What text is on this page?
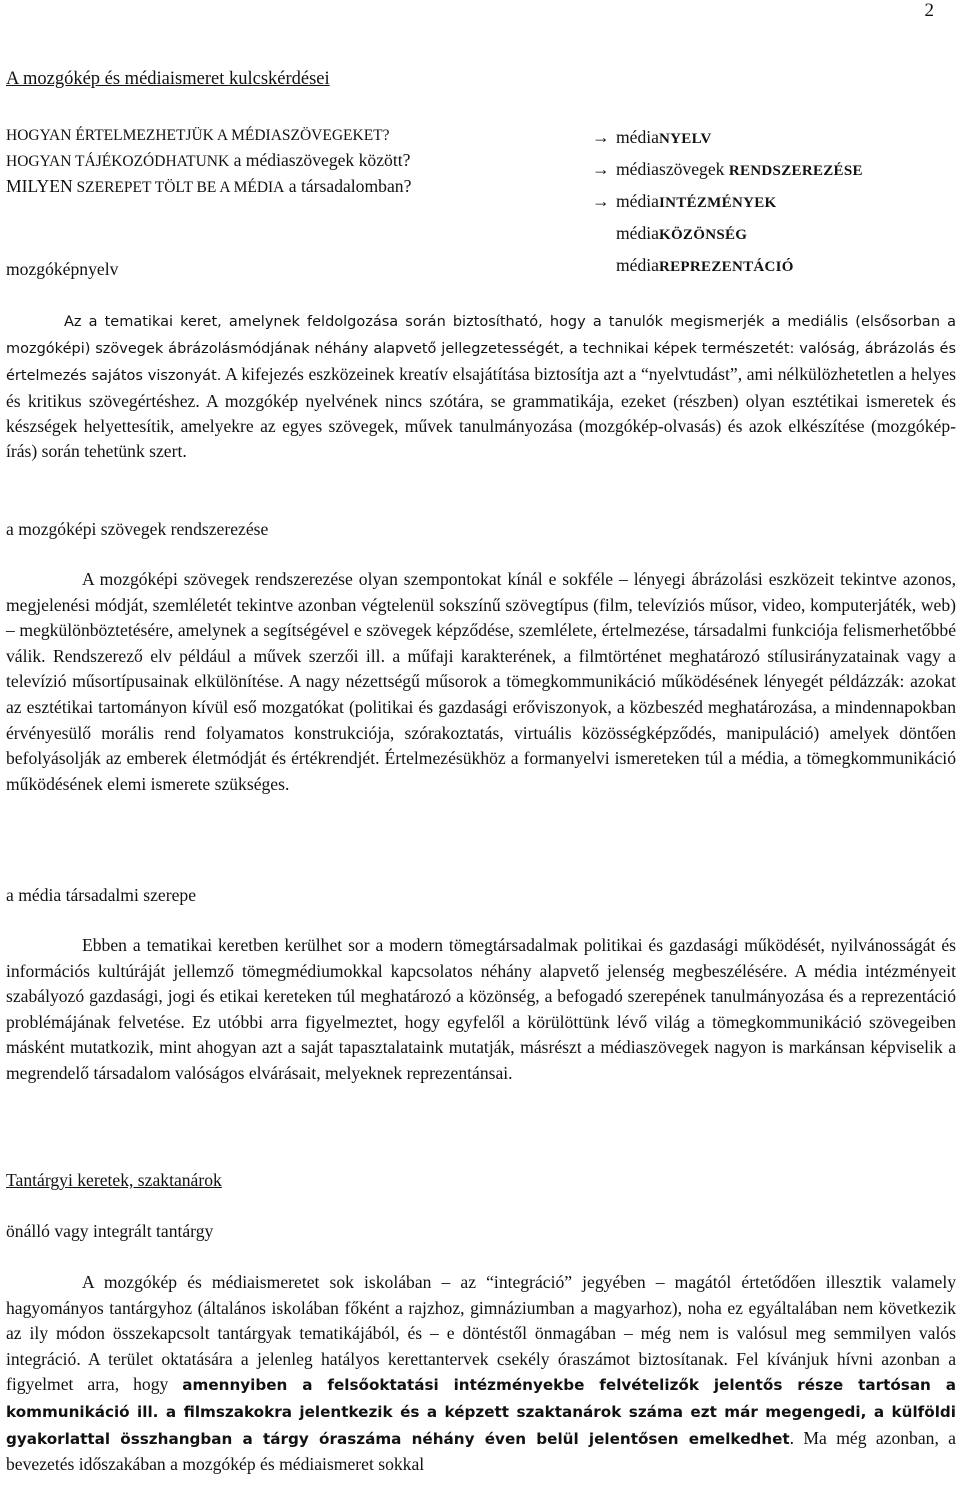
2
A mozgókép és médiaismeret kulcskérdései
HOGYAN ÉRTELMEZHETJÜK A MÉDIASZÖVEGEKET?
HOGYAN TÁJÉKOZÓDHATUNK a médiaszövegek között?
MILYEN SZEREPET TÖLT BE A MÉDIA a társadalomban?
→ médiaNYELV
→ médiaszövegek RENDSZEREZÉSE
→ médiaINTÉZMÉNYEK
médiaKÖZÖNSÉG
médiaREPREZENTÁCIÓ
mozgóképnyelv
Az a tematikai keret, amelynek feldolgozása során biztosítható, hogy a tanulók megismerjék a mediális (elsősorban a mozgóképi) szövegek ábrázolásmódjának néhány alapvető jellegzetességét, a technikai képek természetét: valóság, ábrázolás és értelmezés sajátos viszonyát. A kifejezés eszközeinek kreatív elsajátítása biztosítja azt a “nyelvtudást”, ami nélkülözhetetlen a helyes és kritikus szövegértéshez. A mozgókép nyelvének nincs szótára, se grammatikája, ezeket (részben) olyan esztétikai ismeretek és készségek helyettesítik, amelyekre az egyes szövegek, művek tanulmányozása (mozgókép-olvasás) és azok elkészítése (mozgókép-írás) során tehetünk szert.
a mozgóképi szövegek rendszerezése
A mozgóképi szövegek rendszerezése olyan szempontokat kínál e sokféle – lényegi ábrázolási eszközeit tekintve azonos, megjelenési módját, szemléletét tekintve azonban végtelenül sokszínű szövegtípus (film, televíziós műsor, video, komputerjáték, web) – megkülönböztetésére, amelynek a segítségével e szövegek képződése, szemlélete, értelmezése, társadalmi funkciója felismerhetőbbé válik. Rendszerező elv például a művek szerzői ill. a műfaji karakterének, a filmtörténet meghatározó stílusirányzatainak vagy a televízió műsortípusainak elkülönítése. A nagy nézettségű műsorok a tömegkommunikáció működésének lényegét példázzák: azokat az esztétikai tartományon kívül eső mozgatókat (politikai és gazdasági erőviszonyok, a közbeszéd meghatározása, a mindennapokban érvényesülő morális rend folyamatos konstrukciója, szórakoztatás, virtuális közösségképződés, manipuláció) amelyek döntően befolyásolják az emberek életmódját és értékrendjét. Értelmezésükhöz a formanyelvi ismereteken túl a média, a tömegkommunikáció működésének elemi ismerete szükséges.
a média társadalmi szerepe
Ebben a tematikai keretben kerülhet sor a modern tömegtársadalmak politikai és gazdasági működését, nyilvánosságát és információs kultúráját jellemző tömegmédiumokkal kapcsolatos néhány alapvető jelenség megbeszélésére. A média intézményeit szabályozó gazdasági, jogi és etikai kereteken túl meghatározó a közönség, a befogadó szerepének tanulmányozása és a reprezentáció problémájának felvetése. Ez utóbbi arra figyelmeztet, hogy egyfelől a körülöttünk lévő világ a tömegkommunikáció szövegeiben másként mutatkozik, mint ahogyan azt a saját tapasztalataink mutatják, másrészt a médiaszövegek nagyon is markánsan képviselik a megrendelő társadalom valóságos elvárásait, melyeknek reprezentánsai.
Tantárgyi keretek, szaktanárok
önálló vagy integrált tantárgy
A mozgókép és médiaismeretet sok iskolában – az “integráció” jegyében – magától értetődően illesztik valamely hagyományos tantárgyhoz (általános iskolában főként a rajzhoz, gimnáziumban a magyarhoz), noha ez egyáltalában nem következik az ily módon összekapcsolt tantárgyak tematikájából, és – e döntéstől önmagában – még nem is valósul meg semmilyen valós integráció. A terület oktatására a jelenleg hatályos kerettantervek csekély óraszámot biztosítanak. Fel kívánjuk hívni azonban a figyelmet arra, hogy amennyiben a felsőoktatási intézményekbe felvételizők jelentős része tartósan a kommunikáció ill. a filmszakokra jelentkezik és a képzett szaktanárok száma ezt már megengedi, a külföldi gyakorlattal összhangban a tárgy óraszáma néhány éven belül jelentősen emelkedhet. Ma még azonban, a bevezetés időszakában a mozgókép és médiaismeret sokkal
